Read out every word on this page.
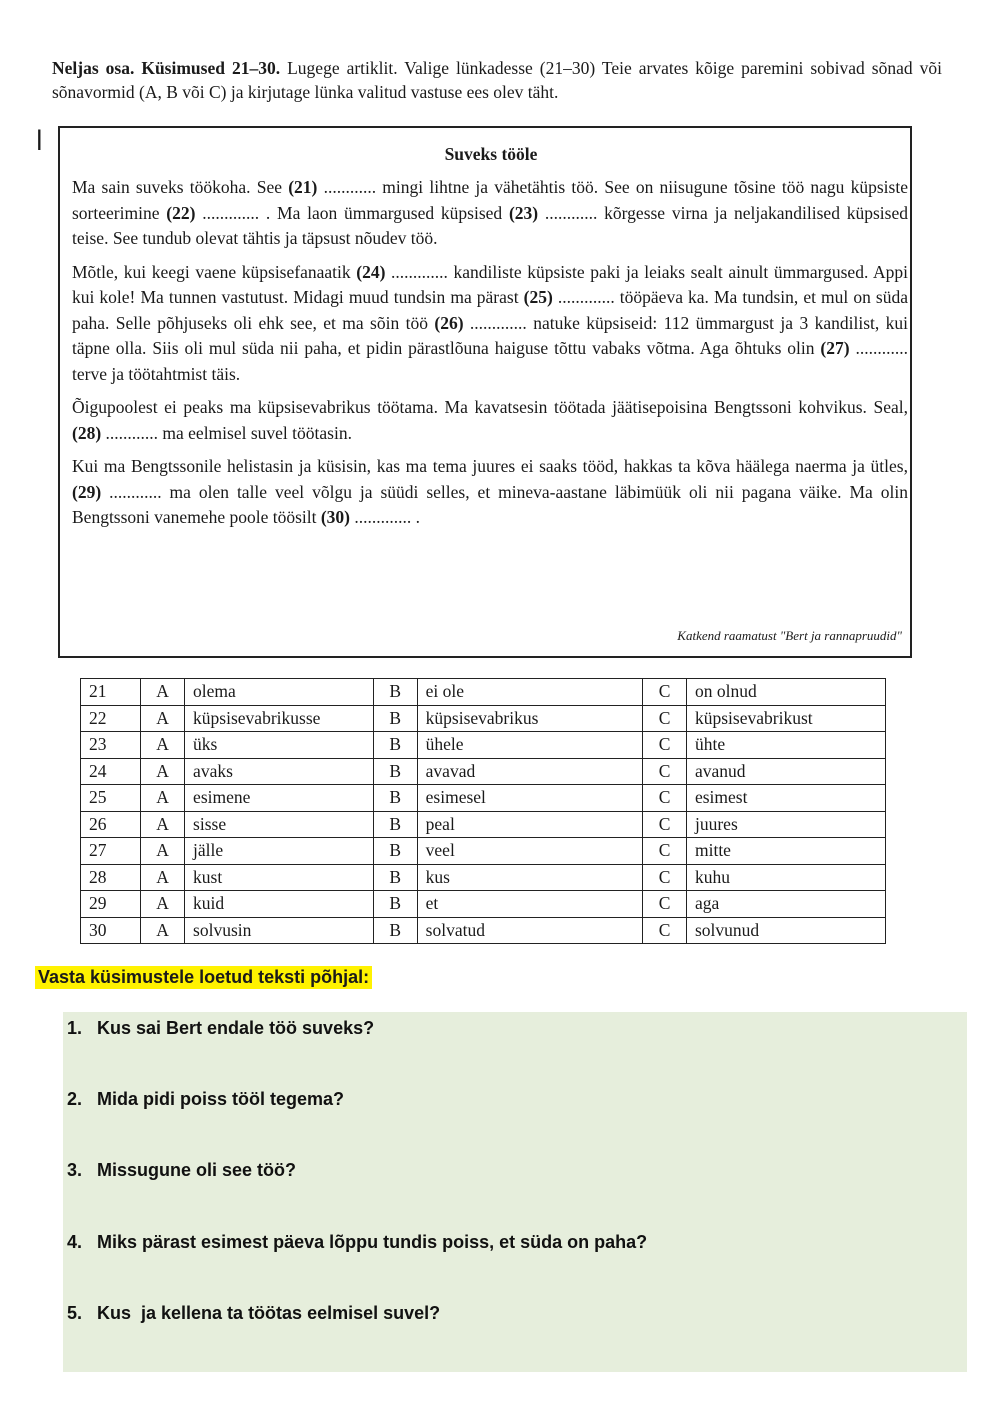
Neljas osa. Küsimused 21–30. Lugege artiklit. Valige lünkadesse (21–30) Teie arvates kõige paremini sobivad sõnad või sõnavormid (A, B või C) ja kirjutage lünka valitud vastuse ees olev täht.
ǀ	Suveks tööle

Ma sain suveks töökoha. See (21) ............ mingi lihtne ja vähetähtis töö. See on niisugune tõsine töö nagu küpsiste sorteerimine (22) ............. . Ma laon ümmargused küpsised (23) ............ kõrgesse virna ja neljakandilised küpsised teise. See tundub olevat tähtis ja täpsust nõudev töö.

Mõtle, kui keegi vaene küpsisefanaatik (24) ............. kandiliste küpsiste paki ja leiaks sealt ainult ümmargused. Appi kui kole! Ma tunnen vastutust. Midagi muud tundsin ma pärast (25) ............. tööpäeva ka. Ma tundsin, et mul on süda paha. Selle põhjuseks oli ehk see, et ma sõin töö (26) ............. natuke küpsiseid: 112 ümmargust ja 3 kandilist, kui täpne olla. Siis oli mul süda nii paha, et pidin pärastlõuna haiguse tõttu vabaks võtma. Aga õhtuks olin (27) ............ terve ja töötahtmist täis.

Õigupoolest ei peaks ma küpsisevabrikus töötama. Ma kavatsesin töötada jäätisepoisina Bengtssoni kohvikus. Seal, (28) ............ ma eelmisel suvel töötasin.

Kui ma Bengtssonile helistasin ja küsisin, kas ma tema juures ei saaks tööd, hakkas ta kõva häälega naerma ja ütles, (29) ............ ma olen talle veel võlgu ja süüdi selles, et mineva-aastane läbimüük oli nii pagana väike. Ma olin Bengtssoni vanemehe poole töösilt (30) ............. .

Katkend raamatust "Bert ja rannapruudid"
21	A	olema	B	ei ole	C	on olnud
22	A	küpsisevabrikusse	B	küpsisevabrikus	C	küpsisevabrikust
23	A	üks	B	ühele	C	ühte
24	A	avaks	B	avavad	C	avanud
25	A	esimene	B	esimesel	C	esimest
26	A	sisse	B	peal	C	juures
27	A	jälle	B	veel	C	mitte
28	A	kust	B	kus	C	kuhu
29	A	kuid	B	et	C	aga
30	A	solvusin	B	solvatud	C	solvunud
Vasta küsimustele loetud teksti põhjal:
1. Kus sai Bert endale töö suveks?
2. Mida pidi poiss tööl tegema?
3. Missugune oli see töö?
4. Miks pärast esimest päeva lõppu tundis poiss, et süda on paha?
5. Kus  ja kellena ta töötas eelmisel suvel?
